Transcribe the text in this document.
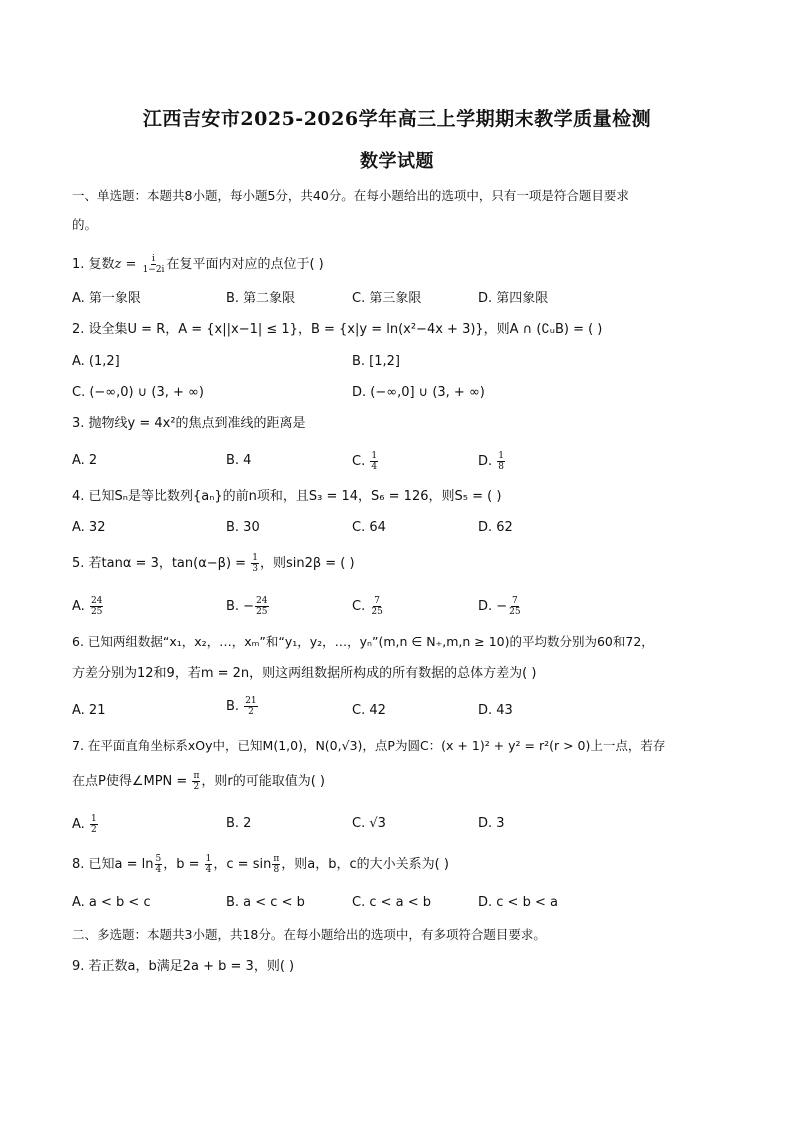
江西吉安市2025-2026学年高三上学期期末教学质量检测
数学试题
一、单选题：本题共8小题，每小题5分，共40分。在每小题给出的选项中，只有一项是符合题目要求
的。
1. 复数$z = \frac{i}{1-2i}$ 在复平面内对应的点位于( )
A. 第一象限	B. 第二象限	C. 第三象限	D. 第四象限
2. 设全集U = R，A = {x||x−1| ≤ 1}，B = {x|y = ln(x²−4x + 3)}，则A ∩ (∁ᵤB) = ( )
A. (1,2]	B. [1,2]
C. (−∞,0) ∪ (3, + ∞)	D. (−∞,0] ∪ (3, + ∞)
3. 抛物线y = 4x²的焦点到准线的距离是
A. 2	B. 4	C. $\frac{1}{4}$	D. $\frac{1}{8}$
4. 已知Sₙ是等比数列{aₙ}的前n项和，且S₃ = 14，S₆ = 126，则S₅ = ( )
A. 32	B. 30	C. 64	D. 62
5. 若tanα = 3，$\tan(\alpha-\beta) = \frac{1}{3}$ ，则sin2β = ( )
A. $\frac{24}{25}$	B. − $\frac{24}{25}$	C. $\frac{7}{25}$	D. − $\frac{7}{25}$
6. 已知两组数据“x₁，x₂，…，xₘ”和“y₁，y₂，…，yₙ”(m,n ∈ N₊,m,n ≥ 10)的平均数分别为60和72，
方差分别为12和9，若m = 2n，则这两组数据所构成的所有数据的总体方差为( )
A. 21	B. $\frac{21}{2}$	C. 42	D. 43
7. 在平面直角坐标系xOy中，已知M(1,0)，N(0,√3)，点P为圆C：(x + 1)² + y² = r²(r > 0)上一点，若存
在点P使得∠MPN = $\frac{\pi}{2}$ ，则r的可能取值为( )
A. $\frac{1}{2}$	B. 2	C. √3	D. 3
8. 已知$a = \ln \frac{5}{4}$ ，$b = \frac{1}{4}$ ，$c = \sin \frac{\pi}{8}$ ，则a，b，c的大小关系为( )
A. a < b < c	B. a < c < b	C. c < a < b	D. c < b < a
二、多选题：本题共3小题，共18分。在每小题给出的选项中，有多项符合题目要求。
9. 若正数a，b满足2a + b = 3，则( )
